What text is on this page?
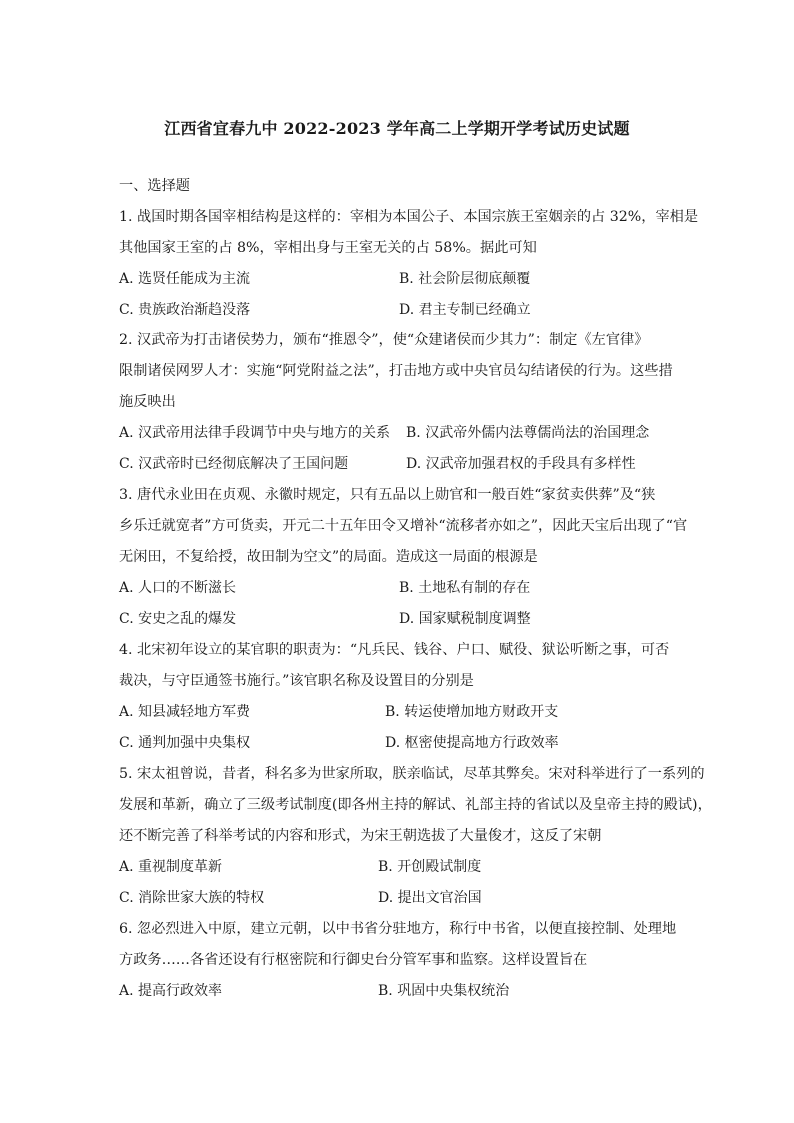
江西省宜春九中 2022-2023 学年高二上学期开学考试历史试题
一、选择题
1. 战国时期各国宰相结构是这样的：宰相为本国公子、本国宗族王室姻亲的占 32%，宰相是
其他国家王室的占 8%，宰相出身与王室无关的占 58%。据此可知
A. 选贤任能成为主流	B. 社会阶层彻底颠覆
C. 贵族政治渐趋没落	D. 君主专制已经确立
2. 汉武帝为打击诸侯势力，颁布“推恩令”，使“众建诸侯而少其力”：制定《左官律》
限制诸侯网罗人才：实施“阿党附益之法”，打击地方或中央官员勾结诸侯的行为。这些措
施反映出
A. 汉武帝用法律手段调节中央与地方的关系 B. 汉武帝外儒内法尊儒尚法的治国理念
C. 汉武帝时已经彻底解决了王国问题	D. 汉武帝加强君权的手段具有多样性
3. 唐代永业田在贞观、永徽时规定，只有五品以上勋官和一般百姓“家贫卖供葬”及“狭
乡乐迁就宽者”方可货卖，开元二十五年田令又增补“流移者亦如之”，因此天宝后出现了“官
无闲田，不复给授，故田制为空文”的局面。造成这一局面的根源是
A. 人口的不断滋长	B. 土地私有制的存在
C. 安史之乱的爆发	D. 国家赋税制度调整
4. 北宋初年设立的某官职的职责为：“凡兵民、钱谷、户口、赋役、狱讼听断之事，可否
裁决，与守臣通签书施行。”该官职名称及设置目的分别是
A. 知县减轻地方军费	B. 转运使增加地方财政开支
C. 通判加强中央集权	D. 枢密使提高地方行政效率
5. 宋太祖曾说，昔者，科名多为世家所取，朕亲临试，尽革其弊矣。宋对科举进行了一系列的
发展和革新，确立了三级考试制度(即各州主持的解试、礼部主持的省试以及皇帝主持的殿试)，
还不断完善了科举考试的内容和形式，为宋王朝选拔了大量俊才，这反了宋朝
A. 重视制度革新	B. 开创殿试制度
C. 消除世家大族的特权	D. 提出文官治国
6. 忽必烈进入中原，建立元朝，以中书省分驻地方，称行中书省，以便直接控制、处理地
方政务……各省还设有行枢密院和行御史台分管军事和监察。这样设置旨在
A. 提高行政效率	B. 巩固中央集权统治
